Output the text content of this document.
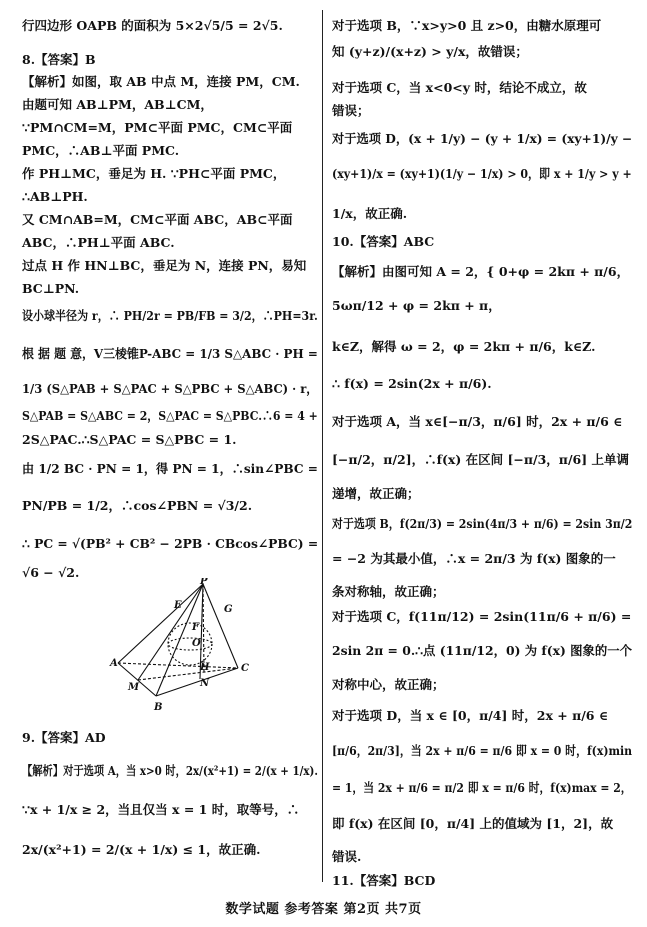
行四边形 OAPB 的面积为 5×2√5/5 = 2√5.
8.【答案】B
【解析】如图，取 AB 中点 M，连接 PM，CM.
由题可知 AB⊥PM，AB⊥CM，
∵PM∩CM=M，PM⊂平面 PMC，CM⊂平面
PMC，∴AB⊥平面 PMC.
作 PH⊥MC，垂足为 H. ∵PH⊂平面 PMC，
∴AB⊥PH.
又 CM∩AB=M，CM⊂平面 ABC，AB⊂平面
ABC，∴PH⊥平面 ABC.
过点 H 作 HN⊥BC，垂足为 N，连接 PN，易知
BC⊥PN.
设小球半径为 r，∴ PH/2r = PB/FB = 3/2，∴PH=3r.
根 据 题 意，V三棱锥P-ABC = 1/3 S△ABC · PH =
1/3 (S△PAB + S△PAC + S△PBC + S△ABC) · r，
S△PAB = S△ABC = 2，S△PAC = S△PBC.∴6 = 4 +
2S△PAC.∴S△PAC = S△PBC = 1.
由 1/2 BC · PN = 1，得 PN = 1，∴sin∠PBC =
PN/PB = 1/2，∴cos∠PBN = √3/2.
∴ PC = √(PB² + CB² − 2PB · CBcos∠PBC) =
√6 − √2.
9.【答案】AD
【解析】对于选项 A，当 x>0 时，2x/(x²+1) = 2/(x + 1/x).
∵x + 1/x ≥ 2，当且仅当 x = 1 时，取等号，∴
2x/(x²+1) = 2/(x + 1/x) ≤ 1，故正确.
P
E	G
F
O
A	C
H
N
M
B
对于选项 B，∵x>y>0 且 z>0，由糖水原理可
知 (y+z)/(x+z) > y/x，故错误；
对于选项 C，当 x<0<y 时，结论不成立，故
错误；
对于选项 D，(x + 1/y) − (y + 1/x) = (xy+1)/y −
(xy+1)/x = (xy+1)(1/y − 1/x) > 0，即 x + 1/y > y +
1/x，故正确.
10.【答案】ABC
【解析】由图可知 A = 2，{ 0+φ = 2kπ + π/6，
5ωπ/12 + φ = 2kπ + π，
k∈Z，解得 ω = 2，φ = 2kπ + π/6，k∈Z.
∴ f(x) = 2sin(2x + π/6).
对于选项 A，当 x∈[−π/3，π/6] 时，2x + π/6 ∈
[−π/2，π/2]，∴f(x) 在区间 [−π/3，π/6] 上单调
递增，故正确；
对于选项 B，f(2π/3) = 2sin(4π/3 + π/6) = 2sin 3π/2
= −2 为其最小值，∴x = 2π/3 为 f(x) 图象的一
条对称轴，故正确；
对于选项 C，f(11π/12) = 2sin(11π/6 + π/6) =
2sin 2π = 0.∴点 (11π/12，0) 为 f(x) 图象的一个
对称中心，故正确；
对于选项 D，当 x ∈ [0，π/4] 时，2x + π/6 ∈
[π/6，2π/3]，当 2x + π/6 = π/6 即 x = 0 时，f(x)min
= 1，当 2x + π/6 = π/2 即 x = π/6 时，f(x)max = 2，
即 f(x) 在区间 [0，π/4] 上的值域为 [1，2]，故
错误.
11.【答案】BCD
数学试题 参考答案 第2页 共7页
